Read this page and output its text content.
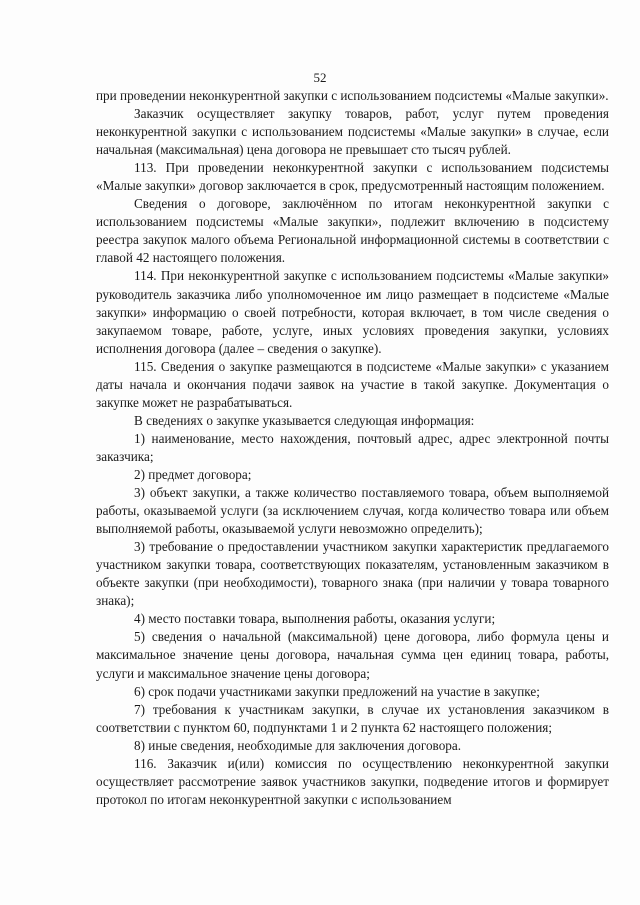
52

при проведении неконкурентной закупки с использованием подсистемы «Малые закупки».

Заказчик осуществляет закупку товаров, работ, услуг путем проведения неконкурентной закупки с использованием подсистемы «Малые закупки» в случае, если начальная (максимальная) цена договора не превышает сто тысяч рублей.

113. При проведении неконкурентной закупки с использованием подсистемы «Малые закупки» договор заключается в срок, предусмотренный настоящим положением.

Сведения о договоре, заключённом по итогам неконкурентной закупки с использованием подсистемы «Малые закупки», подлежит включению в подсистему реестра закупок малого объема Региональной информационной системы в соответствии с главой 42 настоящего положения.

114. При неконкурентной закупке с использованием подсистемы «Малые закупки» руководитель заказчика либо уполномоченное им лицо размещает в подсистеме «Малые закупки» информацию о своей потребности, которая включает, в том числе сведения о закупаемом товаре, работе, услуге, иных условиях проведения закупки, условиях исполнения договора (далее – сведения о закупке).

115. Сведения о закупке размещаются в подсистеме «Малые закупки» с указанием даты начала и окончания подачи заявок на участие в такой закупке. Документация о закупке может не разрабатываться.

В сведениях о закупке указывается следующая информация:

1) наименование, место нахождения, почтовый адрес, адрес электронной почты заказчика;

2) предмет договора;

3) объект закупки, а также количество поставляемого товара, объем выполняемой работы, оказываемой услуги (за исключением случая, когда количество товара или объем выполняемой работы, оказываемой услуги невозможно определить);

3) требование о предоставлении участником закупки характеристик предлагаемого участником закупки товара, соответствующих показателям, установленным заказчиком в объекте закупки (при необходимости), товарного знака (при наличии у товара товарного знака);

4) место поставки товара, выполнения работы, оказания услуги;

5) сведения о начальной (максимальной) цене договора, либо формула цены и максимальное значение цены договора, начальная сумма цен единиц товара, работы, услуги и максимальное значение цены договора;

6) срок подачи участниками закупки предложений на участие в закупке;

7) требования к участникам закупки, в случае их установления заказчиком в соответствии с пунктом 60, подпунктами 1 и 2 пункта 62 настоящего положения;

8) иные сведения, необходимые для заключения договора.

116. Заказчик и(или) комиссия по осуществлению неконкурентной закупки осуществляет рассмотрение заявок участников закупки, подведение итогов и формирует протокол по итогам неконкурентной закупки с использованием
